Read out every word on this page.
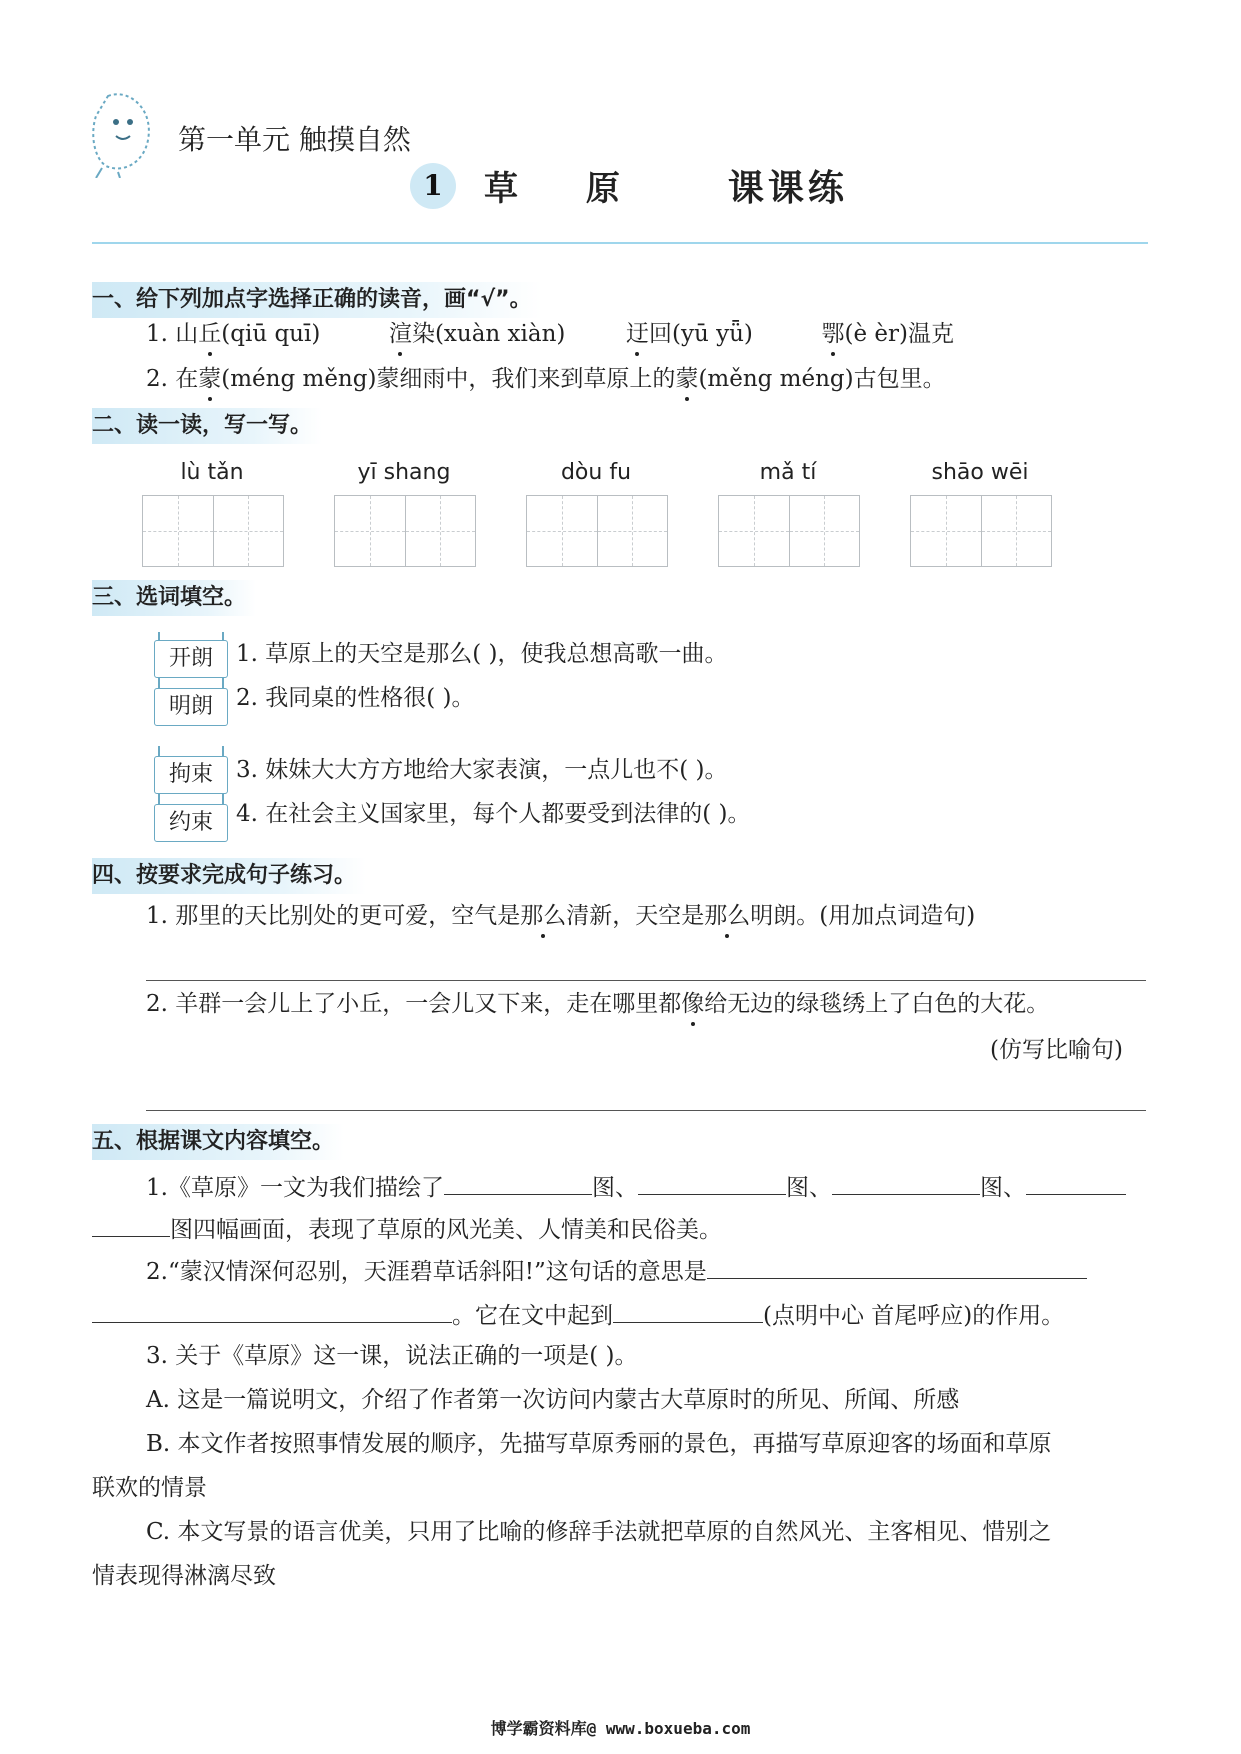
第一单元 触摸自然
1	草 原 课课练
一、给下列加点字选择正确的读音，画“√”。
1. 山丘(qiū quī)	渲染(xuàn xiàn)	迂回(yū yǖ)	鄂(è èr)温克
2. 在蒙(méng měng)蒙细雨中，我们来到草原上的蒙(měng méng)古包里。
二、读一读，写一写。
lù tǎn	yī shang	dòu fu	mǎ tí	shāo wēi
三、选词填空。
开朗
明朗
1. 草原上的天空是那么( )，使我总想高歌一曲。
2. 我同桌的性格很( )。
拘束
约束
3. 妹妹大大方方地给大家表演，一点儿也不( )。
4. 在社会主义国家里，每个人都要受到法律的( )。
四、按要求完成句子练习。
1. 那里的天比别处的更可爱，空气是那么清新，天空是那么明朗。(用加点词造句)
2. 羊群一会儿上了小丘，一会儿又下来，走在哪里都像给无边的绿毯绣上了白色的大花。
(仿写比喻句)
五、根据课文内容填空。
1.《草原》一文为我们描绘了	图、	图、	图、
图四幅画面，表现了草原的风光美、人情美和民俗美。
2.“蒙汉情深何忍别，天涯碧草话斜阳!”这句话的意思是
。它在文中起到	(点明中心 首尾呼应)的作用。
3. 关于《草原》这一课，说法正确的一项是( )。
A. 这是一篇说明文，介绍了作者第一次访问内蒙古大草原时的所见、所闻、所感
B. 本文作者按照事情发展的顺序，先描写草原秀丽的景色，再描写草原迎客的场面和草原
联欢的情景
C. 本文写景的语言优美，只用了比喻的修辞手法就把草原的自然风光、主客相见、惜别之
情表现得淋漓尽致
博学霸资料库@ www.boxueba.com
